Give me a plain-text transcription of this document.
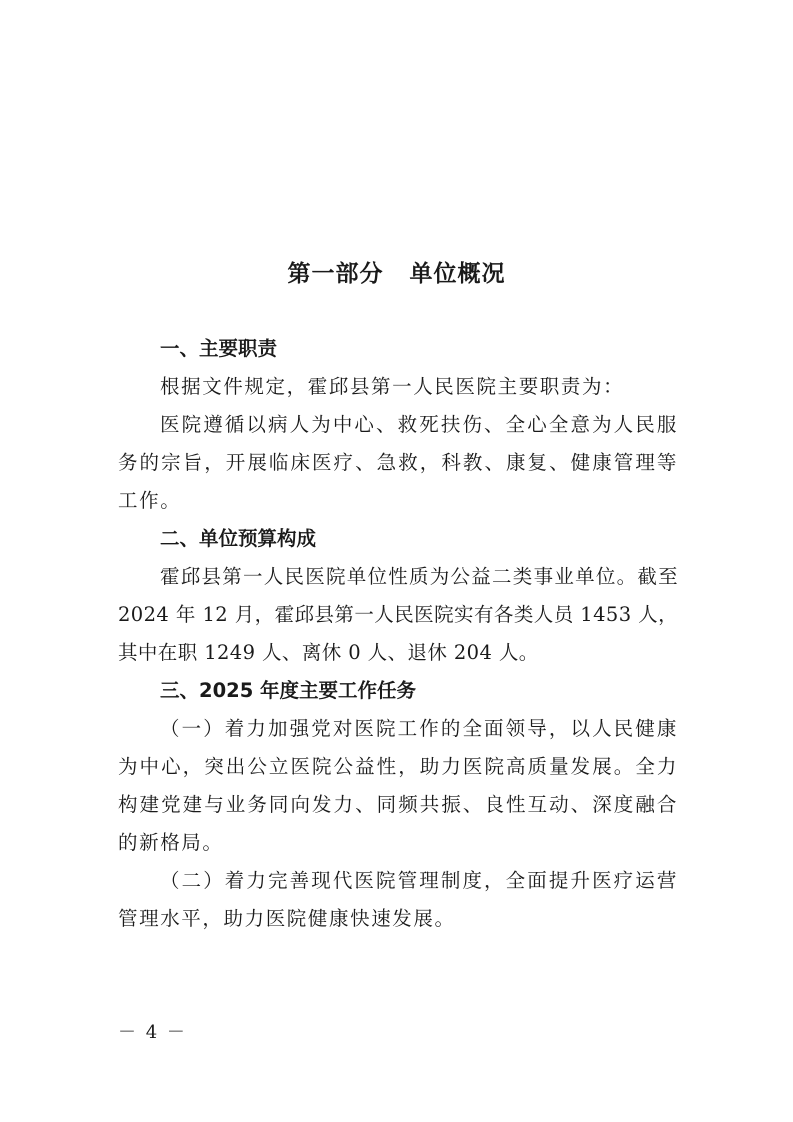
第一部分 单位概况
一、主要职责
根据文件规定，霍邱县第一人民医院主要职责为：
医院遵循以病人为中心、救死扶伤、全心全意为人民服务的宗旨，开展临床医疗、急救，科教、康复、健康管理等工作。
二、单位预算构成
霍邱县第一人民医院单位性质为公益二类事业单位。截至 2024 年 12 月，霍邱县第一人民医院实有各类人员 1453 人，其中在职 1249 人、离休 0 人、退休 204 人。
三、2025 年度主要工作任务
（一）着力加强党对医院工作的全面领导，以人民健康为中心，突出公立医院公益性，助力医院高质量发展。全力构建党建与业务同向发力、同频共振、良性互动、深度融合的新格局。
（二）着力完善现代医院管理制度，全面提升医疗运营管理水平，助力医院健康快速发展。
－ 4 －
